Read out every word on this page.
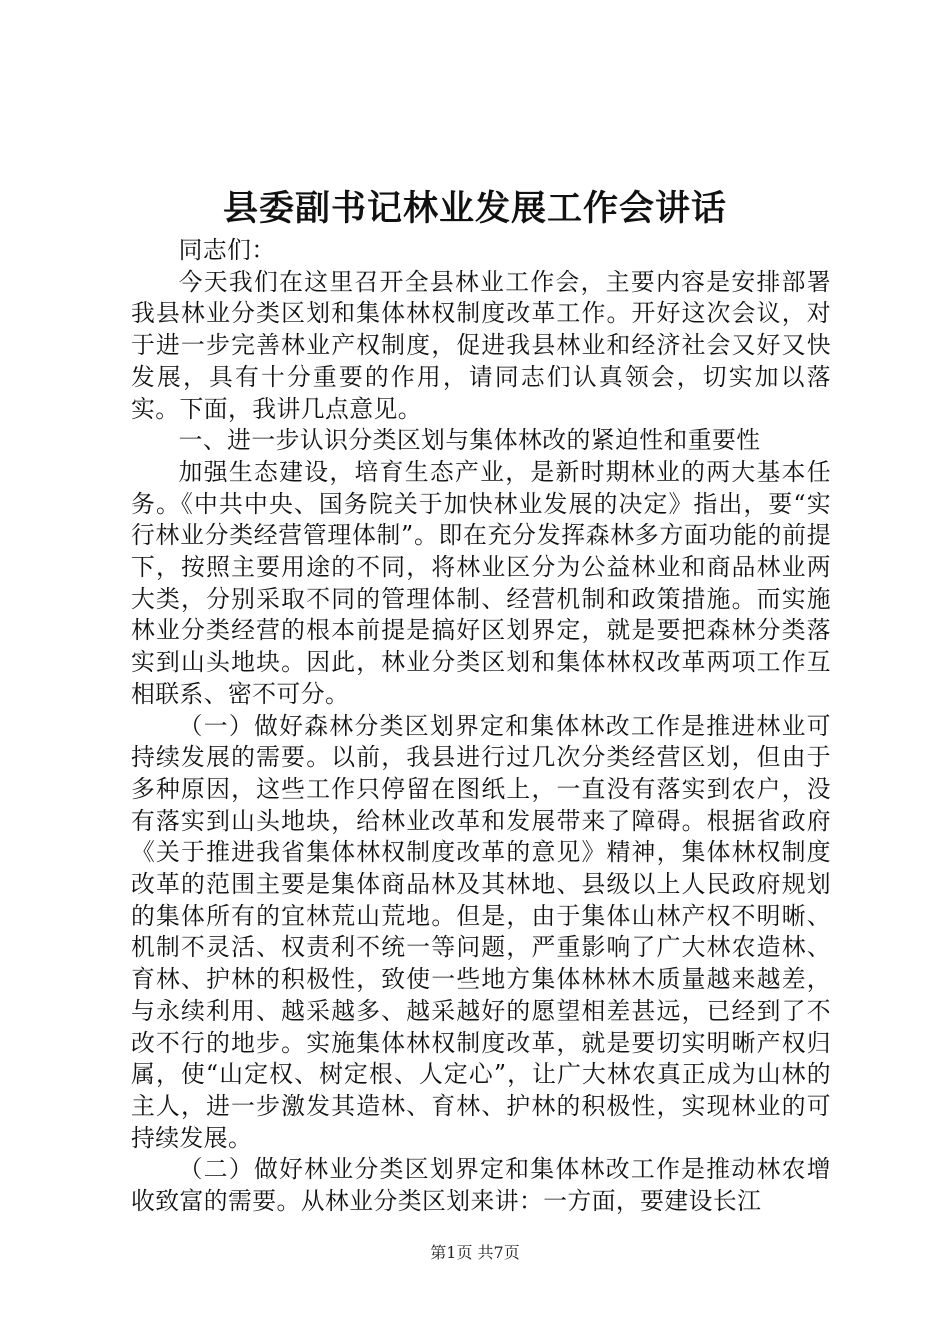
县委副书记林业发展工作会讲话

同志们：

今天我们在这里召开全县林业工作会，主要内容是安排部署我县林业分类区划和集体林权制度改革工作。开好这次会议，对于进一步完善林业产权制度，促进我县林业和经济社会又好又快发展，具有十分重要的作用，请同志们认真领会，切实加以落实。下面，我讲几点意见。

一、进一步认识分类区划与集体林改的紧迫性和重要性

加强生态建设，培育生态产业，是新时期林业的两大基本任务。《中共中央、国务院关于加快林业发展的决定》指出，要“实行林业分类经营管理体制”。即在充分发挥森林多方面功能的前提下，按照主要用途的不同，将林业区分为公益林业和商品林业两大类，分别采取不同的管理体制、经营机制和政策措施。而实施林业分类经营的根本前提是搞好区划界定，就是要把森林分类落实到山头地块。因此，林业分类区划和集体林权改革两项工作互相联系、密不可分。

（一）做好森林分类区划界定和集体林改工作是推进林业可持续发展的需要。以前，我县进行过几次分类经营区划，但由于多种原因，这些工作只停留在图纸上，一直没有落实到农户，没有落实到山头地块，给林业改革和发展带来了障碍。根据省政府《关于推进我省集体林权制度改革的意见》精神，集体林权制度改革的范围主要是集体商品林及其林地、县级以上人民政府规划的集体所有的宜林荒山荒地。但是，由于集体山林产权不明晰、机制不灵活、权责利不统一等问题，严重影响了广大林农造林、育林、护林的积极性，致使一些地方集体林林木质量越来越差，与永续利用、越采越多、越采越好的愿望相差甚远，已经到了不改不行的地步。实施集体林权制度改革，就是要切实明晰产权归属，使“山定权、树定根、人定心”，让广大林农真正成为山林的主人，进一步激发其造林、育林、护林的积极性，实现林业的可持续发展。

（二）做好林业分类区划界定和集体林改工作是推动林农增收致富的需要。从林业分类区划来讲：一方面，要建设长江

第1页 共7页
